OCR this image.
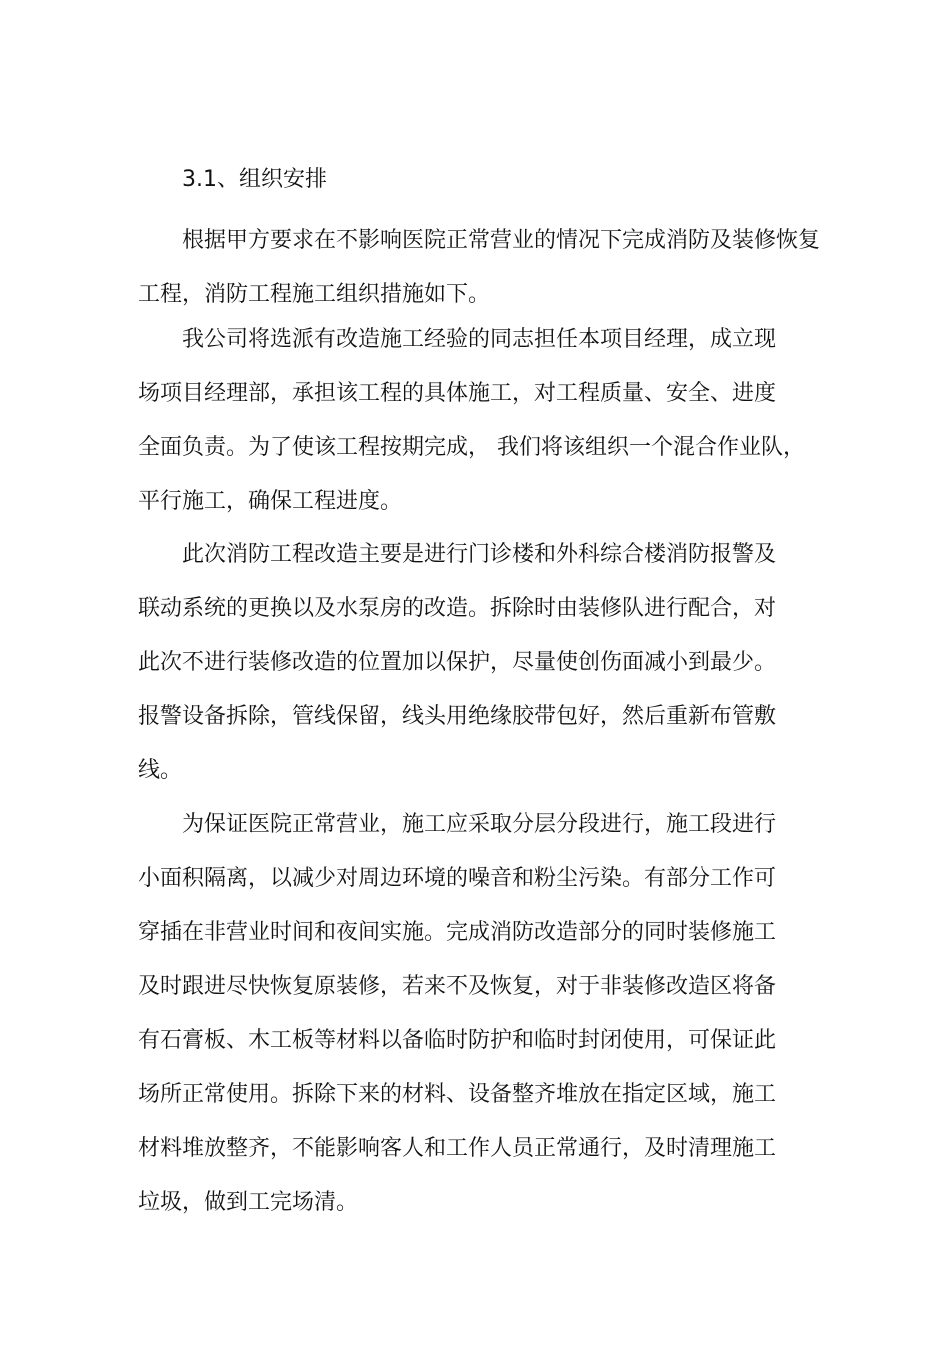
3.1、组织安排
根据甲方要求在不影响医院正常营业的情况下完成消防及装修恢复
工程，消防工程施工组织措施如下。
我公司将选派有改造施工经验的同志担任本项目经理，成立现
场项目经理部，承担该工程的具体施工，对工程质量、安全、进度
全面负责。为了使该工程按期完成， 我们将该组织一个混合作业队，
平行施工，确保工程进度。
此次消防工程改造主要是进行门诊楼和外科综合楼消防报警及
联动系统的更换以及水泵房的改造。拆除时由装修队进行配合，对
此次不进行装修改造的位置加以保护，尽量使创伤面减小到最少。
报警设备拆除，管线保留，线头用绝缘胶带包好，然后重新布管敷
线。
为保证医院正常营业，施工应采取分层分段进行，施工段进行
小面积隔离，以减少对周边环境的噪音和粉尘污染。有部分工作可
穿插在非营业时间和夜间实施。完成消防改造部分的同时装修施工
及时跟进尽快恢复原装修，若来不及恢复，对于非装修改造区将备
有石膏板、木工板等材料以备临时防护和临时封闭使用，可保证此
场所正常使用。拆除下来的材料、设备整齐堆放在指定区域，施工
材料堆放整齐，不能影响客人和工作人员正常通行，及时清理施工
垃圾，做到工完场清。
